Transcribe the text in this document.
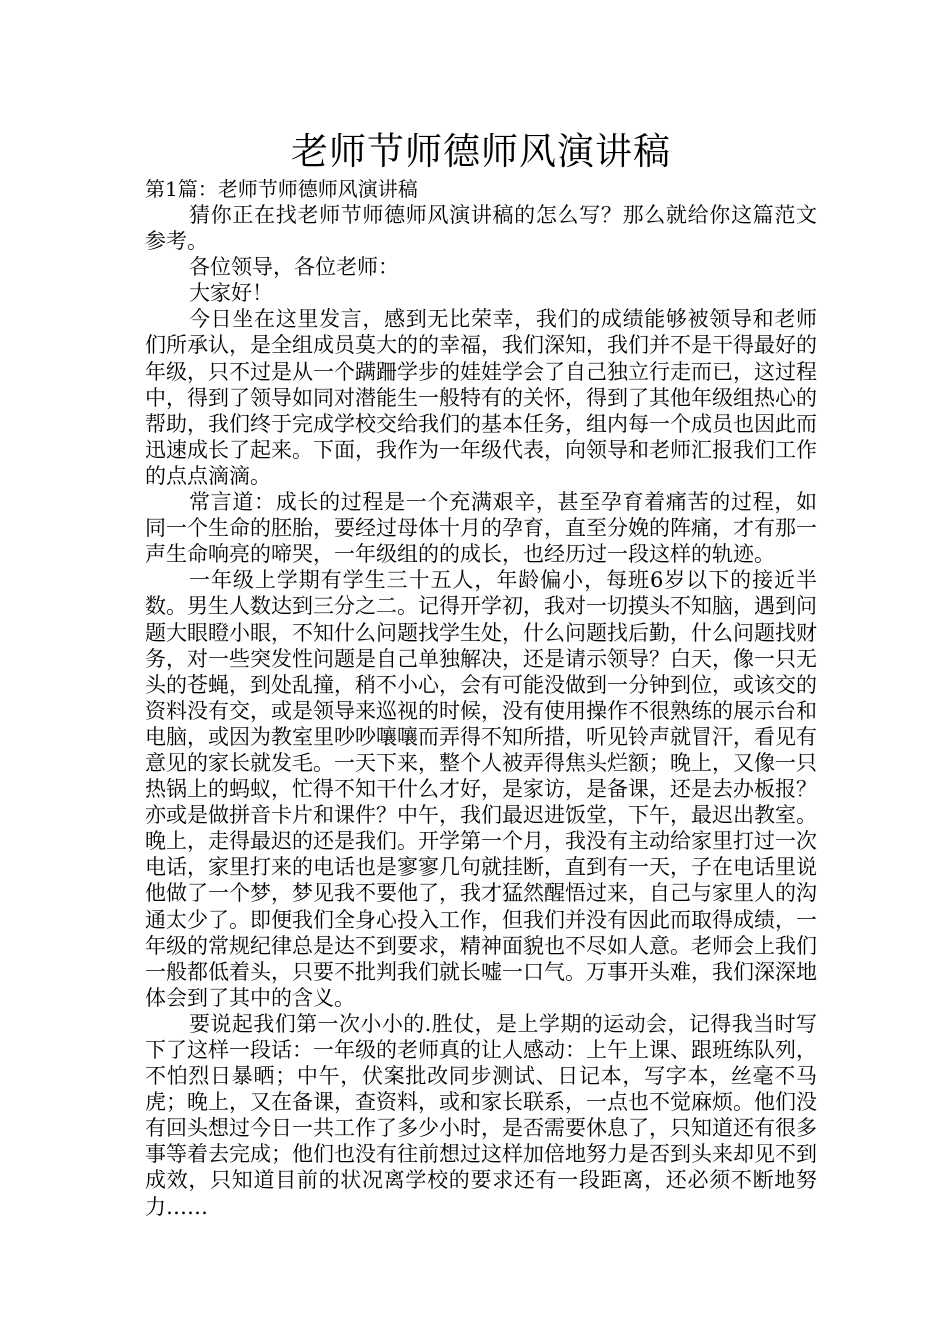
老师节师德师风演讲稿
第1篇：老师节师德师风演讲稿

猜你正在找老师节师德师风演讲稿的怎么写？那么就给你这篇范文参考。

各位领导，各位老师：

大家好！

今日坐在这里发言，感到无比荣幸，我们的成绩能够被领导和老师们所承认，是全组成员莫大的的幸福，我们深知，我们并不是干得最好的年级，只不过是从一个蹒跚学步的娃娃学会了自己独立行走而已，这过程中，得到了领导如同对潜能生一般特有的关怀，得到了其他年级组热心的帮助，我们终于完成学校交给我们的基本任务，组内每一个成员也因此而迅速成长了起来。下面，我作为一年级代表，向领导和老师汇报我们工作的点点滴滴。

常言道：成长的过程是一个充满艰辛，甚至孕育着痛苦的过程，如同一个生命的胚胎，要经过母体十月的孕育，直至分娩的阵痛，才有那一声生命响亮的啼哭，一年级组的的成长，也经历过一段这样的轨迹。

一年级上学期有学生三十五人，年龄偏小，每班6岁以下的接近半数。男生人数达到三分之二。记得开学初，我对一切摸头不知脑，遇到问题大眼瞪小眼，不知什么问题找学生处，什么问题找后勤，什么问题找财务，对一些突发性问题是自己单独解决，还是请示领导？白天，像一只无头的苍蝇，到处乱撞，稍不小心，会有可能没做到一分钟到位，或该交的资料没有交，或是领导来巡视的时候，没有使用操作不很熟练的展示台和电脑，或因为教室里吵吵嚷嚷而弄得不知所措，听见铃声就冒汗，看见有意见的家长就发毛。一天下来，整个人被弄得焦头烂额；晚上，又像一只热锅上的蚂蚁，忙得不知干什么才好，是家访，是备课，还是去办板报？亦或是做拼音卡片和课件？中午，我们最迟进饭堂，下午，最迟出教室。晚上，走得最迟的还是我们。开学第一个月，我没有主动给家里打过一次电话，家里打来的电话也是寥寥几句就挂断，直到有一天，子在电话里说他做了一个梦，梦见我不要他了，我才猛然醒悟过来，自己与家里人的沟通太少了。即便我们全身心投入工作，但我们并没有因此而取得成绩，一年级的常规纪律总是达不到要求，精神面貌也不尽如人意。老师会上我们一般都低着头，只要不批判我们就长嘘一口气。万事开头难，我们深深地体会到了其中的含义。

要说起我们第一次小小的.胜仗，是上学期的运动会，记得我当时写下了这样一段话：一年级的老师真的让人感动：上午上课、跟班练队列，不怕烈日暴晒；中午，伏案批改同步测试、日记本，写字本，丝毫不马虎；晚上，又在备课，查资料，或和家长联系，一点也不觉麻烦。他们没有回头想过今日一共工作了多少小时，是否需要休息了，只知道还有很多事等着去完成；他们也没有往前想过这样加倍地努力是否到头来却见不到成效，只知道目前的状况离学校的要求还有一段距离，还必须不断地努力……
